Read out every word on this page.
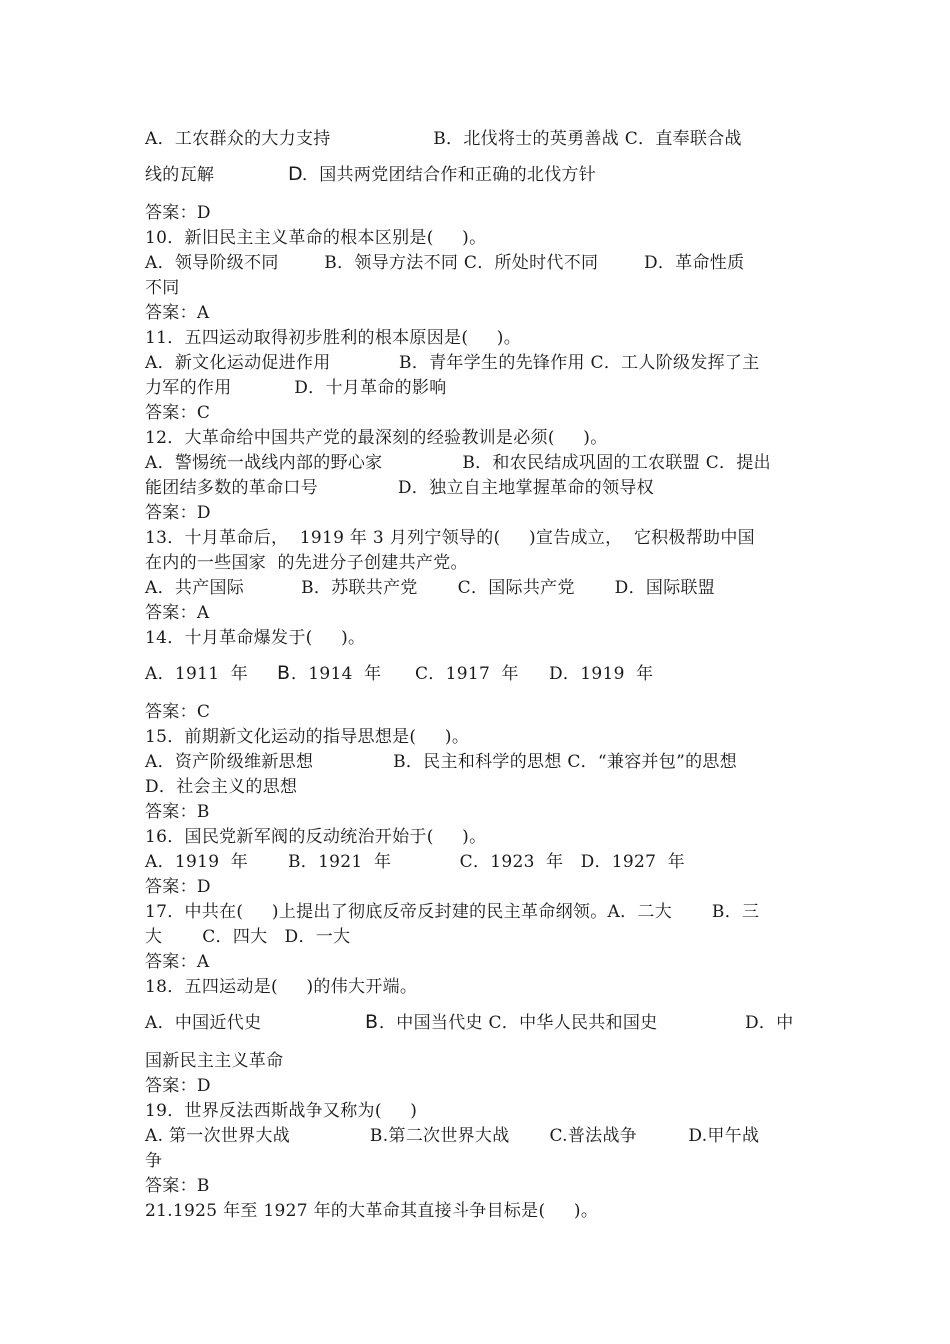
A．工农群众的大力支持                  B．北伐将士的英勇善战 C．直奉联合战
线的瓦解	D ．国共两党团结合作和正确的北伐方针
答案：D
10．新旧民主主义革命的根本区别是(     )。
A．领导阶级不同        B．领导方法不同 C．所处时代不同        D．革命性质
不同
答案：A
11．五四运动取得初步胜利的根本原因是(     )。
A．新文化运动促进作用            B．青年学生的先锋作用 C．工人阶级发挥了主
力军的作用           D．十月革命的影响
答案：C
12．大革命给中国共产党的最深刻的经验教训是必须(     )。
A．警惕统一战线内部的野心家              B．和农民结成巩固的工农联盟 C．提出
能团结多数的革命口号              D．独立自主地掌握革命的领导权
答案：D
13．十月革命后，  1919 年 3 月列宁领导的(     )宣告成立，  它积极帮助中国
在内的一些国家  的先进分子创建共产党。
A．共产国际          B．苏联共产党       C．国际共产党       D．国际联盟
答案：A
14．十月革命爆发于(     )。
A．1911  年 B ．1914  年 C．1917  年 D．1919  年
答案：C
15．前期新文化运动的指导思想是(     )。
A．资产阶级维新思想              B．民主和科学的思想 C．“兼容并包”的思想
D．社会主义的思想
答案：B
16．国民党新军阀的反动统治开始于(     )。
A．1919  年       B．1921  年            C．1923  年   D．1927  年
答案：D
17．中共在(     )上提出了彻底反帝反封建的民主革命纲领。A．二大       B．三
大       C．四大   D．一大
答案：A
18．五四运动是(     )的伟大开端。
A．中国近代史	B ．中国当代史 C．中华人民共和国史	D．中
国新民主主义革命
答案：D
19．世界反法西斯战争又称为(     )
A. 第一次世界大战              B.第二次世界大战       C.普法战争         D.甲午战
争
答案：B
21.1925 年至 1927 年的大革命其直接斗争目标是(     )。
